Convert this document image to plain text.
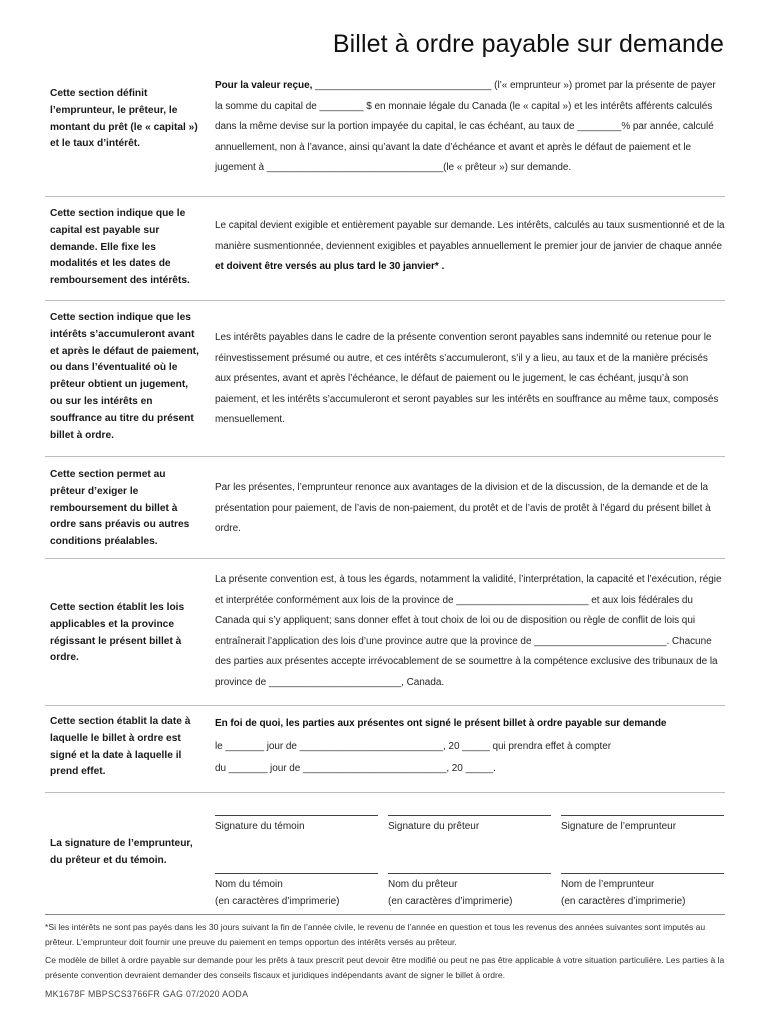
Billet à ordre payable sur demande
Cette section définit l’emprunteur, le prêteur, le montant du prêt (le « capital ») et le taux d’intérêt.
Pour la valeur reçue, ________________________________ (l’« emprunteur ») promet par la présente de payer la somme du capital de ________ $ en monnaie légale du Canada (le « capital ») et les intérêts afférents calculés dans la même devise sur la portion impayée du capital, le cas échéant, au taux de ________% par année, calculé annuellement, non à l’avance, ainsi qu’avant la date d’échéance et avant et après le défaut de paiement et le jugement à ________________________________(le « prêteur ») sur demande.
Cette section indique que le capital est payable sur demande. Elle fixe les modalités et les dates de remboursement des intérêts.
Le capital devient exigible et entièrement payable sur demande. Les intérêts, calculés au taux susmentionné et de la manière susmentionnée, deviennent exigibles et payables annuellement le premier jour de janvier de chaque année et doivent être versés au plus tard le 30 janvier* .
Cette section indique que les intérêts s’accumuleront avant et après le défaut de paiement, ou dans l’éventualité où le prêteur obtient un jugement, ou sur les intérêts en souffrance au titre du présent billet à ordre.
Les intérêts payables dans le cadre de la présente convention seront payables sans indemnité ou retenue pour le réinvestissement présumé ou autre, et ces intérêts s’accumuleront, s’il y a lieu, au taux et de la manière précisés aux présentes, avant et après l’échéance, le défaut de paiement ou le jugement, le cas échéant, jusqu’à son paiement, et les intérêts s’accumuleront et seront payables sur les intérêts en souffrance au même taux, composés mensuellement.
Cette section permet au prêteur d’exiger le remboursement du billet à ordre sans préavis ou autres conditions préalables.
Par les présentes, l’emprunteur renonce aux avantages de la division et de la discussion, de la demande et de la présentation pour paiement, de l’avis de non-paiement, du protêt et de l’avis de protêt à l’égard du présent billet à ordre.
Cette section établit les lois applicables et la province régissant le présent billet à ordre.
La présente convention est, à tous les égards, notamment la validité, l’interprétation, la capacité et l’exécution, régie et interprétée conformément aux lois de la province de ________________________ et aux lois fédérales du Canada qui s’y appliquent; sans donner effet à tout choix de loi ou de disposition ou règle de conflit de lois qui entraînerait l’application des lois d’une province autre que la province de ________________________. Chacune des parties aux présentes accepte irrévocablement de se soumettre à la compétence exclusive des tribunaux de la province de ________________________, Canada.
Cette section établit la date à laquelle le billet à ordre est signé et la date à laquelle il prend effet.
En foi de quoi, les parties aux présentes ont signé le présent billet à ordre payable sur demande
le _______ jour de __________________________, 20 _____ qui prendra effet à compter
du _______ jour de __________________________, 20 _____.
La signature de l’emprunteur, du prêteur et du témoin.
Signature du témoin	Signature du prêteur	Signature de l’emprunteur
Nom du témoin	Nom du prêteur	Nom de l’emprunteur
(en caractères d’imprimerie)	(en caractères d’imprimerie)	(en caractères d’imprimerie)
*Si les intérêts ne sont pas payés dans les 30 jours suivant la fin de l’année civile, le revenu de l’année en question et tous les revenus des années suivantes sont imputés au prêteur. L’emprunteur doit fournir une preuve du paiement en temps opportun des intérêts versés au prêteur.
Ce modèle de billet à ordre payable sur demande pour les prêts à taux prescrit peut devoir être modifié ou peut ne pas être applicable à votre situation particulière. Les parties à la présente convention devraient demander des conseils fiscaux et juridiques indépendants avant de signer le billet à ordre.
MK1678F MBPSCS3766FR GAG 07/2020 AODA
